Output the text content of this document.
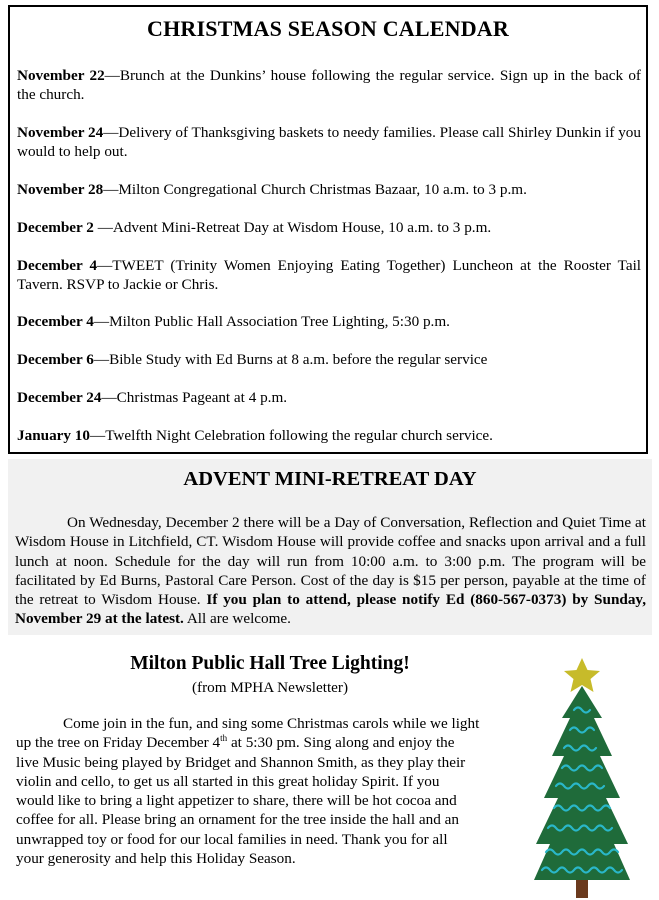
CHRISTMAS SEASON CALENDAR
November 22—Brunch at the Dunkins’ house following the regular service. Sign up in the back of the church.
November 24—Delivery of Thanksgiving baskets to needy families. Please call Shirley Dunkin if you would to help out.
November 28—Milton Congregational Church Christmas Bazaar, 10 a.m. to 3 p.m.
December 2 —Advent Mini-Retreat Day at Wisdom House, 10 a.m. to 3 p.m.
December 4—TWEET (Trinity Women Enjoying Eating Together) Luncheon at the Rooster Tail Tavern. RSVP to Jackie or Chris.
December 4—Milton Public Hall Association Tree Lighting, 5:30 p.m.
December 6—Bible Study with Ed Burns at 8 a.m. before the regular service
December 24—Christmas Pageant at 4 p.m.
January 10—Twelfth Night Celebration following the regular church service.
ADVENT MINI-RETREAT DAY
On Wednesday, December 2 there will be a Day of Conversation, Reflection and Quiet Time at Wisdom House in Litchfield, CT. Wisdom House will provide coffee and snacks upon arrival and a full lunch at noon. Schedule for the day will run from 10:00 a.m. to 3:00 p.m. The program will be facilitated by Ed Burns, Pastoral Care Person. Cost of the day is $15 per person, payable at the time of the retreat to Wisdom House. If you plan to attend, please notify Ed (860-567-0373) by Sunday, November 29 at the latest. All are welcome.
Milton Public Hall Tree Lighting!
(from MPHA Newsletter)

Come join in the fun, and sing some Christmas carols while we light

up the tree on Friday December 4th at 5:30 pm. Sing along and enjoy the

live Music being played by Bridget and Shannon Smith, as they play their

violin and cello, to get us all started in this great holiday Spirit. If you

would like to bring a light appetizer to share, there will be hot cocoa and

coffee for all. Please bring an ornament for the tree inside the hall and an

unwrapped toy or food for our local families in need. Thank you for all

your generosity and help this Holiday Season.
